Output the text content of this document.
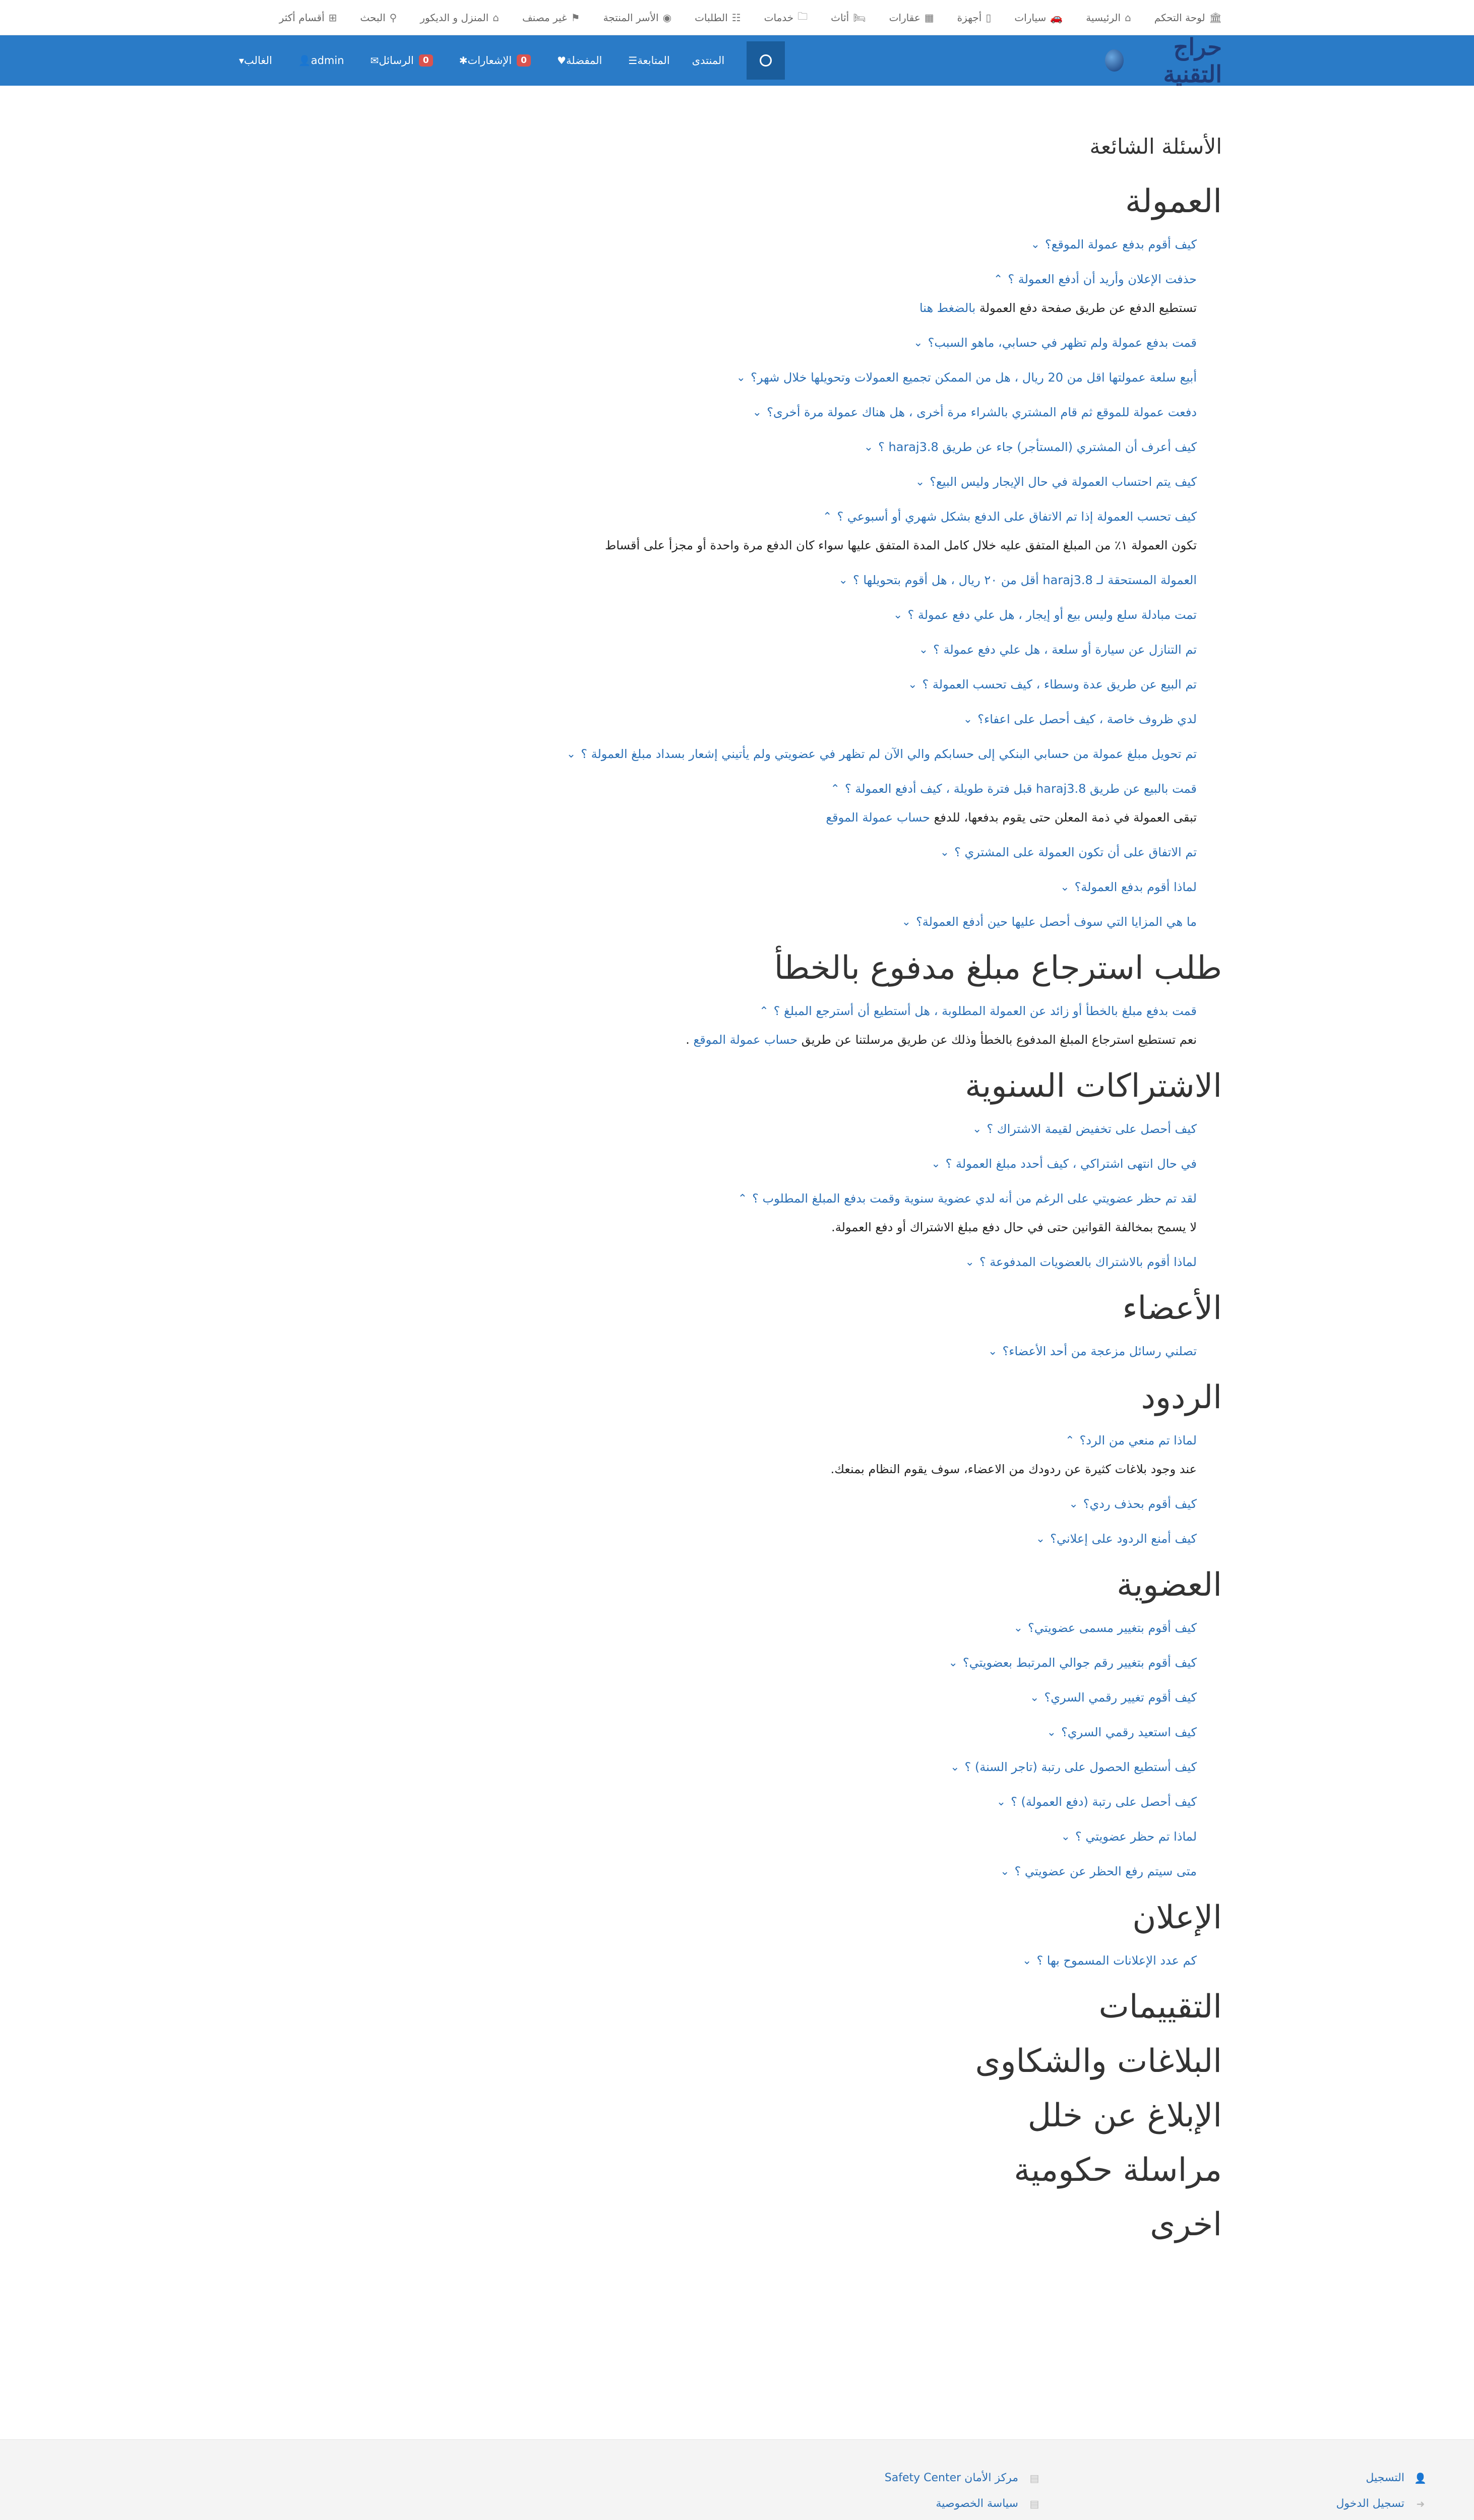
🏛
لوحة التحكم
⌂
الرئيسية
🚗
سيارات
▯
أجهزة
▦
عقارات
🛏
أثاث
🗀
خدمات
☷
الطلبات
◉
الأسر المنتجة
⚑
غير مصنف
⌂
المنزل و الديكور
⚲
البحث
⊞
أقسام أكثر
حراج التقنية
الغالب
▾	admin
👤	0
الرسائل
✉	0
الإشعارات
✱	المفضلة
♥	المتابعة
☰	المنتدى
الأسئلة الشائعة
العمولة
كيف أقوم بدفع عمولة الموقع؟
⌄
حذفت الإعلان وأريد أن أدفع العمولة ؟
⌃
تستطيع الدفع عن طريق صفحة دفع العمولة بالضغط هنا
قمت بدفع عمولة ولم تظهر في حسابي، ماهو السبب؟
⌄
أبيع سلعة عمولتها اقل من 20 ريال ، هل من الممكن تجميع العمولات وتحويلها خلال شهر؟
⌄
دفعت عمولة للموقع ثم قام المشتري بالشراء مرة أخرى ، هل هناك عمولة مرة أخرى؟
⌄
كيف أعرف أن المشتري (المستأجر) جاء عن طريق haraj3.8 ؟
⌄
كيف يتم احتساب العمولة في حال الإيجار وليس البيع؟
⌄
كيف تحسب العمولة إذا تم الاتفاق على الدفع بشكل شهري أو أسبوعي ؟
⌃
تكون العمولة ١٪ من المبلغ المتفق عليه خلال كامل المدة المتفق عليها سواء كان الدفع مرة واحدة أو مجزأ على أقساط
العمولة المستحقة لـ haraj3.8 أقل من ٢٠ ريال ، هل أقوم بتحويلها ؟
⌄
تمت مبادلة سلع وليس بيع أو إيجار ، هل علي دفع عمولة ؟
⌄
تم التنازل عن سيارة أو سلعة ، هل علي دفع عمولة ؟
⌄
تم البيع عن طريق عدة وسطاء ، كيف تحسب العمولة ؟
⌄
لدي ظروف خاصة ، كيف أحصل على اعفاء؟
⌄
تم تحويل مبلغ عمولة من حسابي البنكي إلى حسابكم والي الآن لم تظهر في عضويتي ولم يأتيني إشعار بسداد مبلغ العمولة ؟
⌄
قمت بالبيع عن طريق haraj3.8 قبل فترة طويلة ، كيف أدفع العمولة ؟
⌃
تبقى العمولة في ذمة المعلن حتى يقوم بدفعها، للدفع حساب عمولة الموقع
تم الاتفاق على أن تكون العمولة على المشتري ؟
⌄
لماذا أقوم بدفع العمولة؟
⌄
ما هي المزايا التي سوف أحصل عليها حين أدفع العمولة؟
⌄
طلب استرجاع مبلغ مدفوع بالخطأ
قمت بدفع مبلغ بالخطأ أو زائد عن العمولة المطلوبة ، هل أستطيع أن أسترجع المبلغ ؟
⌃
نعم تستطيع استرجاع المبلغ المدفوع بالخطأ وذلك عن طريق مرسلتنا عن طريق حساب عمولة الموقع .
الاشتراكات السنوية
كيف أحصل على تخفيض لقيمة الاشتراك ؟
⌄
في حال انتهى اشتراكي ، كيف أحدد مبلغ العمولة ؟
⌄
لقد تم حظر عضويتي على الرغم من أنه لدي عضوية سنوية وقمت بدفع المبلغ المطلوب ؟
⌃
لا يسمح بمخالفة القوانين حتى في حال دفع مبلغ الاشتراك أو دفع العمولة.
لماذا أقوم بالاشتراك بالعضويات المدفوعة ؟
⌄
الأعضاء
تصلني رسائل مزعجة من أحد الأعضاء؟
⌄
الردود
لماذا تم منعي من الرد؟
⌃
عند وجود بلاغات كثيرة عن ردودك من الاعضاء، سوف يقوم النظام بمنعك.
كيف أقوم بحذف ردي؟
⌄
كيف أمنع الردود على إعلاني؟
⌄
العضوية
كيف أقوم بتغيير مسمى عضويتي؟
⌄
كيف أقوم بتغيير رقم جوالي المرتبط بعضويتي؟
⌄
كيف أقوم تغيير رقمي السري؟
⌄
كيف استعيد رقمي السري؟
⌄
كيف أستطيع الحصول على رتبة (تاجر السنة) ؟
⌄
كيف أحصل على رتبة (دفع العمولة) ؟
⌄
لماذا تم حظر عضويتي ؟
⌄
متى سيتم رفع الحظر عن عضويتي ؟
⌄
الإعلان
كم عدد الإعلانات المسموح بها ؟
⌄
التقييمات
البلاغات والشكاوى
الإبلاغ عن خلل
مراسلة حكومية
اخرى
👤
التسجيل
➜
تسجيل الدخول
▤
مركز الأمان Safety Center
▤
سياسة الخصوصية
